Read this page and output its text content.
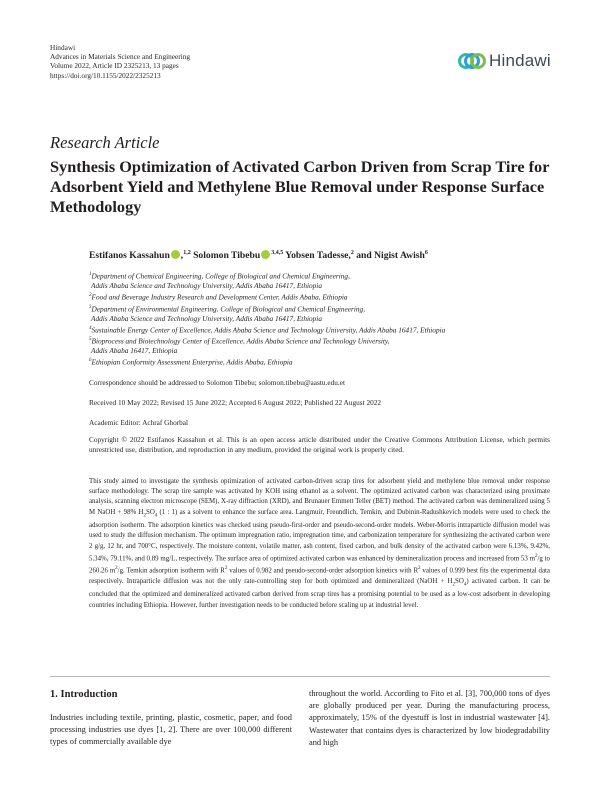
Hindawi
Advances in Materials Science and Engineering
Volume 2022, Article ID 2325213, 13 pages
https://doi.org/10.1155/2022/2325213
Hindawi
Research Article
Synthesis Optimization of Activated Carbon Driven from Scrap Tire for Adsorbent Yield and Methylene Blue Removal under Response Surface Methodology
Estifanos Kassahun ,$^{1,2}$ Solomon Tibebu $^{3,4,5}$ Yobsen Tadesse,$^2$ and Nigist Awish$^6$
$^1$Department of Chemical Engineering, College of Biological and Chemical Engineering,
Addis Ababa Science and Technology University, Addis Ababa 16417, Ethiopia
$^2$Food and Beverage Industry Research and Development Center, Addis Ababa, Ethiopia
$^3$Department of Environmental Engineering, College of Biological and Chemical Engineering,
Addis Ababa Science and Technology University, Addis Ababa 16417, Ethiopia
$^4$Sustainable Energy Center of Excellence, Addis Ababa Science and Technology University, Addis Ababa 16417, Ethiopia
$^5$Bioprocess and Biotechnology Center of Excellence, Addis Ababa Science and Technology University,
Addis Ababa 16417, Ethiopia
$^6$Ethiopian Conformity Assessment Enterprise, Addis Ababa, Ethiopia
Correspondence should be addressed to Solomon Tibebu; solomon.tibebu@aastu.edu.et
Received 10 May 2022; Revised 15 June 2022; Accepted 6 August 2022; Published 22 August 2022
Academic Editor: Achraf Ghorbal
Copyright © 2022 Estifanos Kassahun et al. This is an open access article distributed under the Creative Commons Attribution License, which permits unrestricted use, distribution, and reproduction in any medium, provided the original work is properly cited.
This study aimed to investigate the synthesis optimization of activated carbon-driven scrap tires for adsorbent yield and methylene blue removal under response surface methodology. The scrap tire sample was activated by KOH using ethanol as a solvent. The optimized activated carbon was characterized using proximate analysis, scanning electron microscope (SEM), X-ray diffraction (XRD), and Brunauer Emmett Teller (BET) method. The activated carbon was demineralized using 5 M NaOH + 98% $H_2SO_4$ (1 : 1) as a solvent to enhance the surface area. Langmuir, Freundlich, Temkin, and Dubinin-Radushkevich models were used to check the adsorption isotherm. The adsorption kinetics was checked using pseudo-first-order and pseudo-second-order models. Weber-Morris intraparticle diffusion model was used to study the diffusion mechanism. The optimum impregnation ratio, impregnation time, and carbonization temperature for synthesizing the activated carbon were 2 g/g, 12 hr, and 700°C, respectively. The moisture content, volatile matter, ash content, fixed carbon, and bulk density of the activated carbon were 6.13%, 9.42%, 5.34%, 79.11%, and 0.89 mg/L, respectively. The surface area of optimized activated carbon was enhanced by demineralization process and increased from 53 $m^2/g$ to 260.26 $m^2/g$. Temkin adsorption isotherm with $R^2$ values of 0.982 and pseudo-second-order adsorption kinetics with $R^2$ values of 0.999 best fits the experimental data respectively. Intraparticle diffusion was not the only rate-controlling step for both optimized and demineralized (NaOH + $H_2SO_4$) activated carbon. It can be concluded that the optimized and demineralized activated carbon derived from scrap tires has a promising potential to be used as a low-cost adsorbent in developing countries including Ethiopia. However, further investigation needs to be conducted before scaling up at industrial level.
1. Introduction
Industries including textile, printing, plastic, cosmetic, paper, and food processing industries use dyes [1, 2]. There are over 100,000 different types of commercially available dye
throughout the world. According to Fito et al. [3], 700,000 tons of dyes are globally produced per year. During the manufacturing process, approximately, 15% of the dyestuff is lost in industrial wastewater [4]. Wastewater that contains dyes is characterized by low biodegradability and high
